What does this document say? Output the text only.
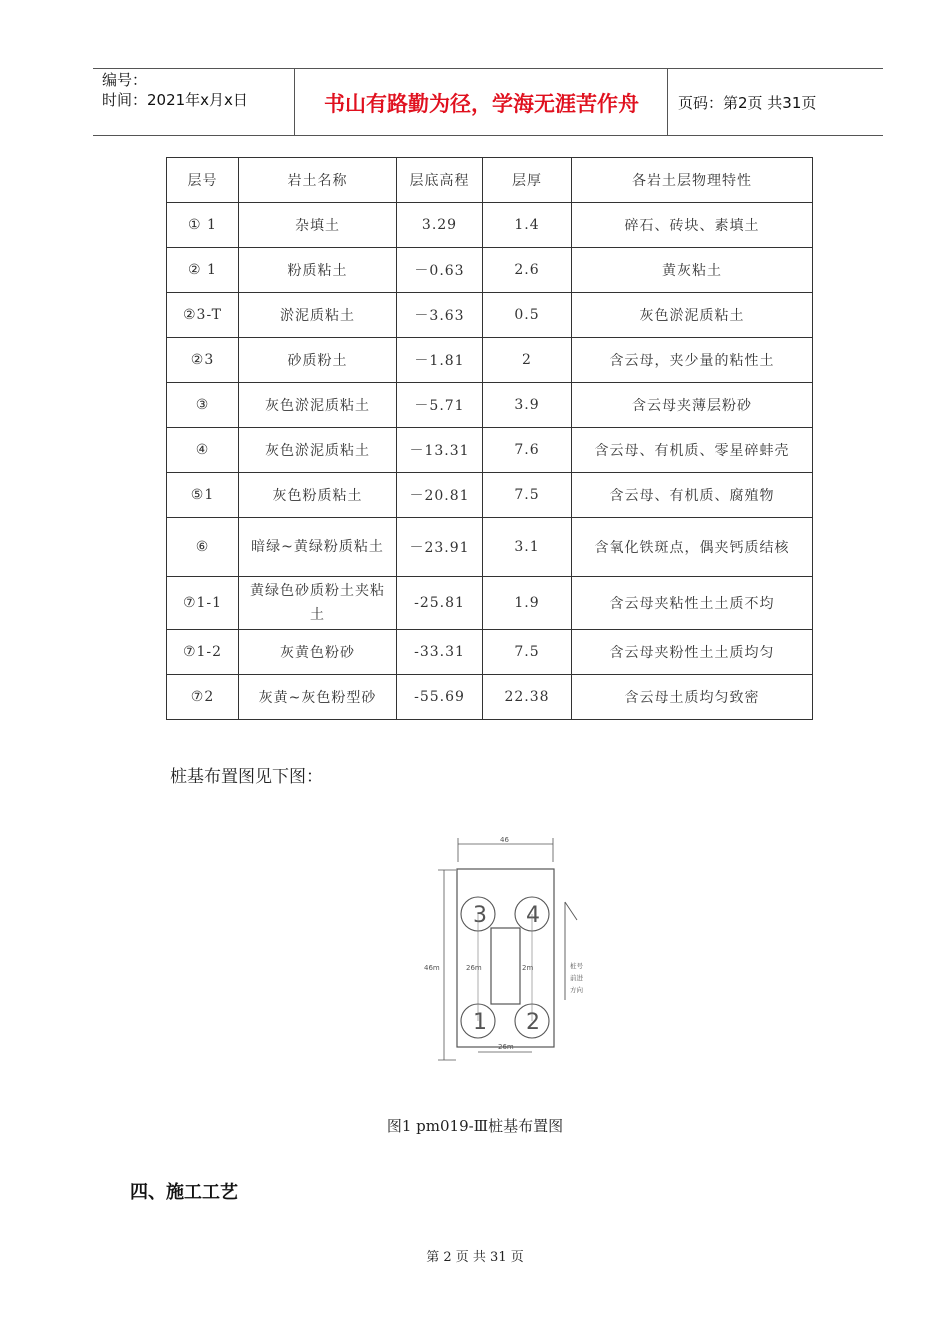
编号：
时间：2021年x月x日	书山有路勤为径，学海无涯苦作舟	页码：第2页 共31页
层号	岩土名称	层底高程	层厚	各岩土层物理特性
① 1	杂填土	3.29	1.4	碎石、砖块、素填土
② 1	粉质粘土	－0.63	2.6	黄灰粘土
②3-T	淤泥质粘土	－3.63	0.5	灰色淤泥质粘土
②3	砂质粉土	－1.81	2	含云母，夹少量的粘性土
③	灰色淤泥质粘土	－5.71	3.9	含云母夹薄层粉砂
④	灰色淤泥质粘土	－13.31	7.6	含云母、有机质、零星碎蚌壳
⑤1	灰色粉质粘土	－20.81	7.5	含云母、有机质、腐殖物
⑥	暗绿~黄绿粉质粘土	－23.91	3.1	含氧化铁斑点，偶夹钙质结核
⑦1-1	黄绿色砂质粉土夹粘土	-25.81	1.9	含云母夹粘性土土质不均
⑦1-2	灰黄色粉砂	-33.31	7.5	含云母夹粉性土土质均匀
⑦2	灰黄~灰色粉型砂	-55.69	22.38	含云母土质均匀致密
桩基布置图见下图：
46
46m
3 4
1 2
26m	2m
26m
桩号
前进
方向
图1 pm019-Ⅲ桩基布置图
四、施工工艺
第 2 页 共 31 页
